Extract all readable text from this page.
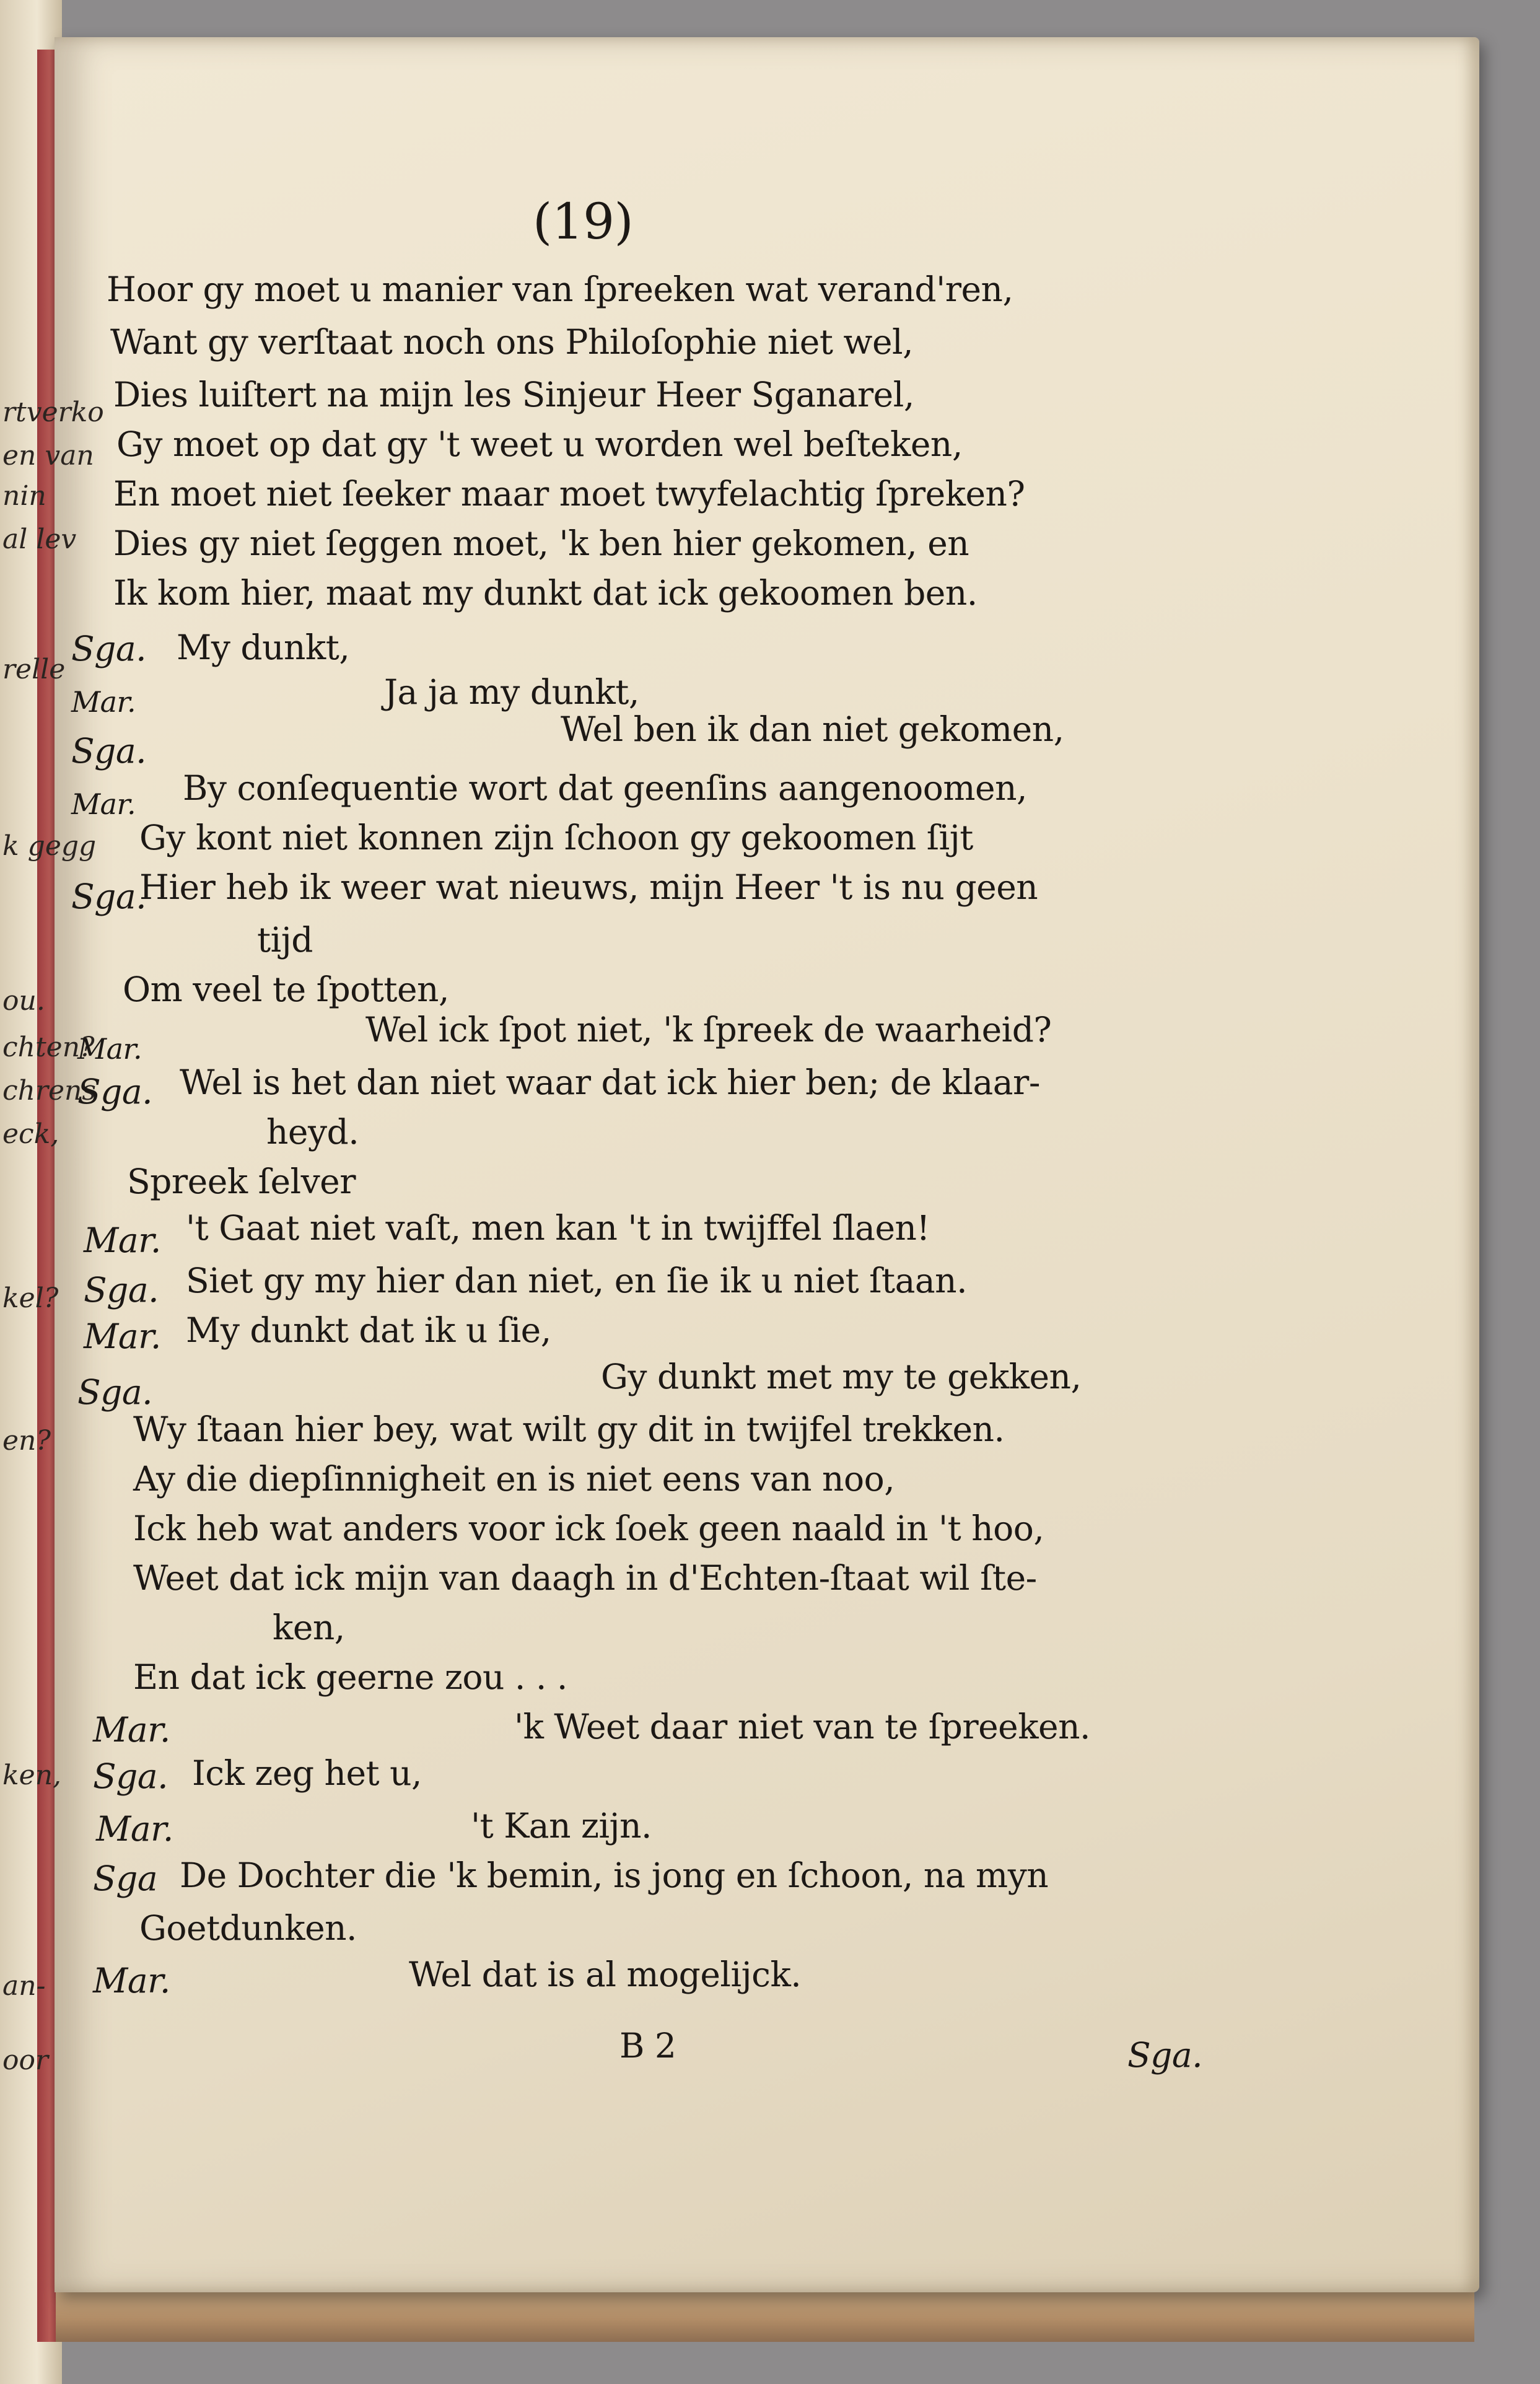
(19)
rtverko
en van
nin
al lev
relle
k gegg
ou.
chten?
chrens
eck,
kel?
en?
ken,
an-
oor
Hoor gy moet u manier van ſpreeken wat verand'ren,
Want gy verſtaat noch ons Philoſophie niet wel,
Dies luiſtert na mijn les Sinjeur Heer Sganarel,
Gy moet op dat gy 't weet u worden wel beſteken,
En moet niet ſeeker maar moet twyfelachtig ſpreken?
Dies gy niet ſeggen moet, 'k ben hier gekomen, en
Ik kom hier, maat my dunkt dat ick gekoomen ben.
Sga. My dunkt,
Mar.	Ja ja my dunkt,
Wel ben ik dan niet gekomen,
Sga.
Mar. By conſequentie wort dat geenſins aangenoomen,
Gy kont niet konnen zijn ſchoon gy gekoomen ſijt
Sga.
Hier heb ik weer wat nieuws, mijn Heer 't is nu geen
tijd
Om veel te ſpotten,
Mar.	Wel ick ſpot niet, 'k ſpreek de waarheid?
Sga. Wel is het dan niet waar dat ick hier ben; de klaar-
heyd.
Spreek ſelver
Mar. 't Gaat niet vaſt, men kan 't in twijffel ſlaen!
Sga. Siet gy my hier dan niet, en ſie ik u niet ſtaan.
Mar. My dunkt dat ik u ſie,
Sga.	Gy dunkt met my te gekken,
Wy ſtaan hier bey, wat wilt gy dit in twijfel trekken.
Ay die diepſinnigheit en is niet eens van noo,
Ick heb wat anders voor ick ſoek geen naald in 't hoo,
Weet dat ick mijn van daagh in d'Echten-ſtaat wil ſte-
ken,
En dat ick geerne zou . . .
Mar.	'k Weet daar niet van te ſpreeken.
Sga. Ick zeg het u,
Mar.	't Kan zijn.
Sga De Dochter die 'k bemin, is jong en ſchoon, na myn
Goetdunken.
Mar.	Wel dat is al mogelijck.
B 2	Sga.
